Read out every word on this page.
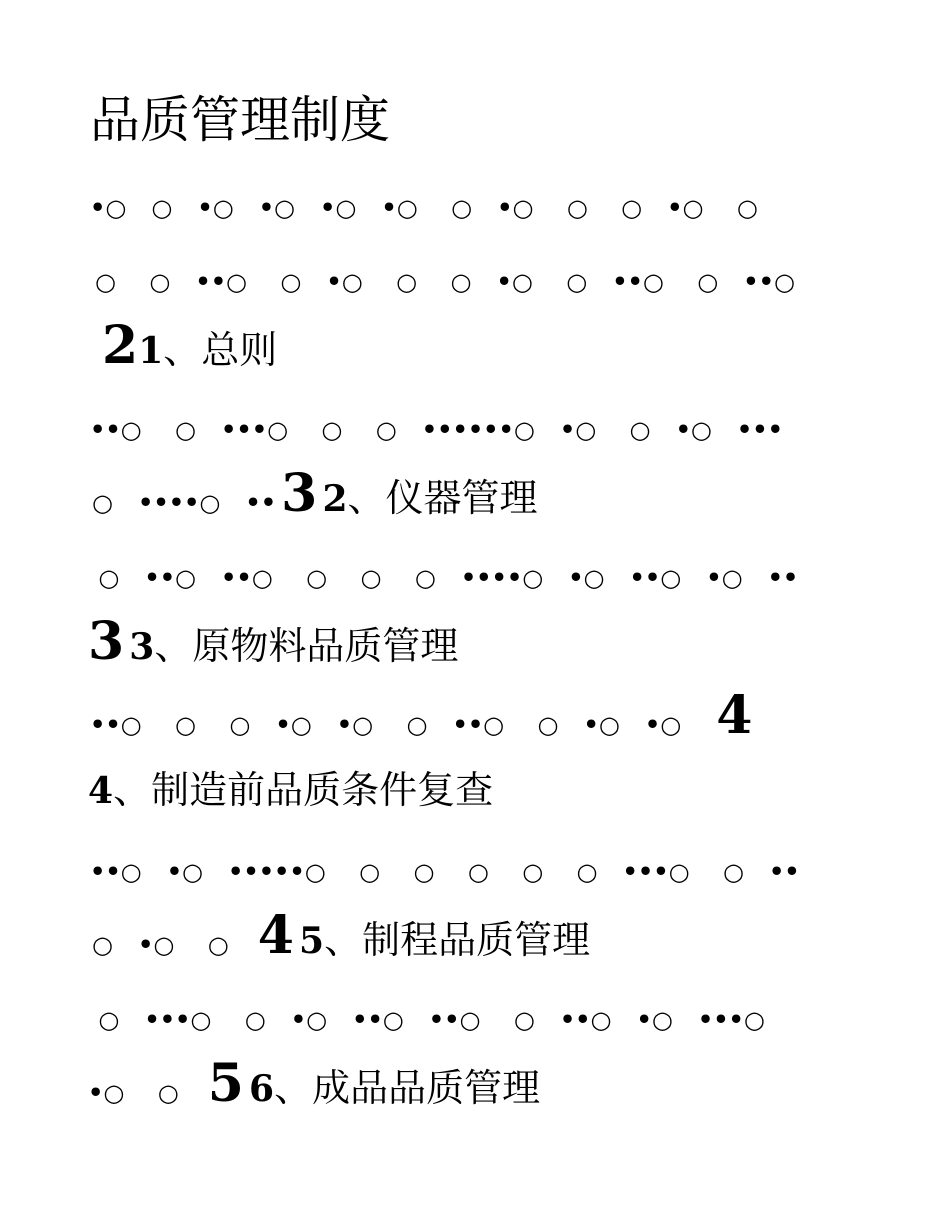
品质管理制度
•○   ○   •○   •○   •○   •○    ○   •○    ○    ○   •○    ○
○    ○   ••○    ○   •○    ○    ○   •○    ○   ••○    ○   ••○
21、总则
••○    ○   •••○    ○    ○   ••••••○   •○    ○   •○   •••
○   ••••○   •• 3 2、仪器管理
○   ••○   ••○    ○    ○    ○   ••••○   •○   ••○   •○   ••
3 3、原物料品质管理
••○    ○    ○   •○   •○    ○   ••○    ○   •○   •○ 4
4、制造前品质条件复查
••○   •○   •••••○    ○    ○    ○    ○    ○   •••○    ○   ••
○   •○    ○ 4 5、制程品质管理
○   •••○    ○   •○   ••○   ••○    ○   ••○   •○   •••○
•○    ○ 5 6、成品品质管理
